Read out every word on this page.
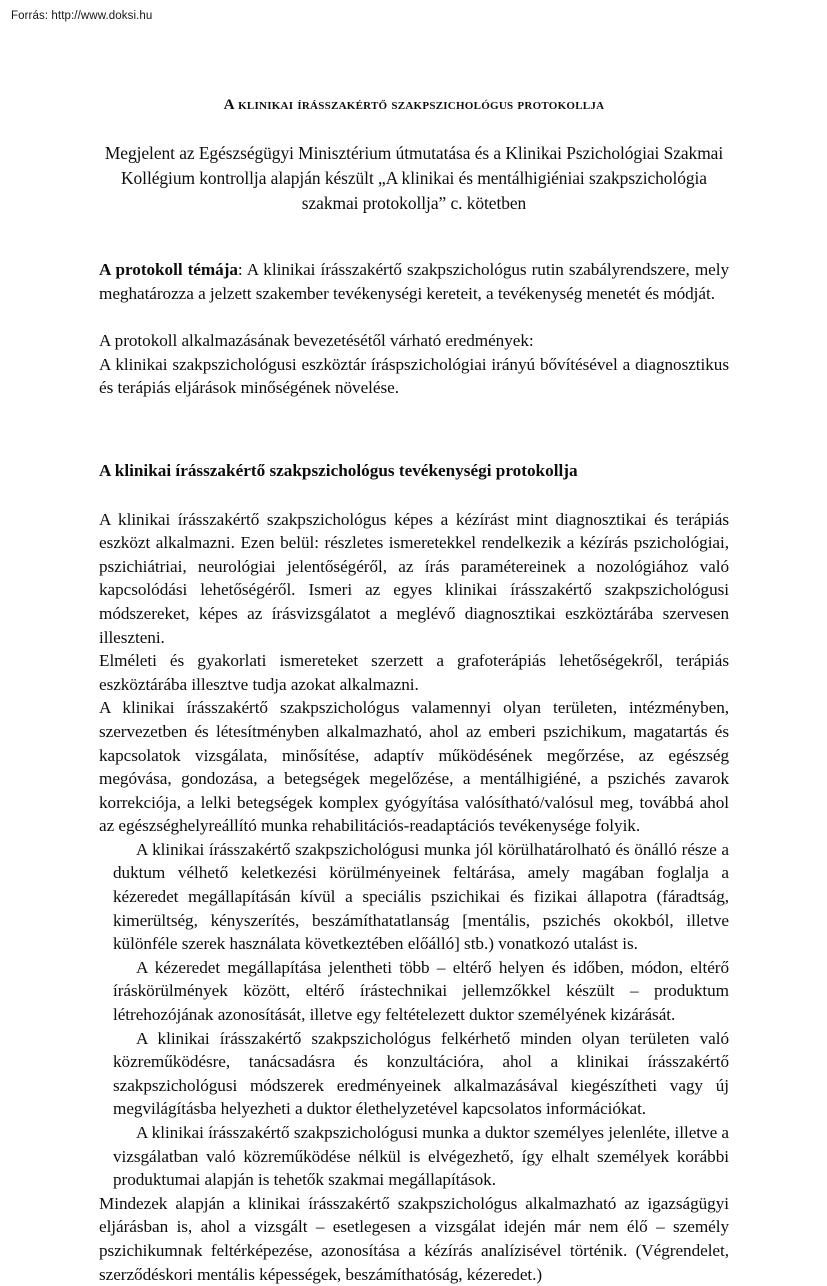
Forrás: http://www.doksi.hu
A klinikai írásszakértő szakpszichológus protokollja

Megjelent az Egészségügyi Minisztérium útmutatása és a Klinikai Pszichológiai Szakmai Kollégium kontrollja alapján készült „A klinikai és mentálhigiéniai szakpszichológia szakmai protokollja” c. kötetben

A protokoll témája: A klinikai írásszakértő szakpszichológus rutin szabályrendszere, mely meghatározza a jelzett szakember tevékenységi kereteit, a tevékenység menetét és módját.

A protokoll alkalmazásának bevezetésétől várható eredmények:

A klinikai szakpszichológusi eszköztár íráspszichológiai irányú bővítésével a diagnosztikus és terápiás eljárások minőségének növelése.

A klinikai írásszakértő szakpszichológus tevékenységi protokollja

A klinikai írásszakértő szakpszichológus képes a kézírást mint diagnosztikai és terápiás eszközt alkalmazni. Ezen belül: részletes ismeretekkel rendelkezik a kézírás pszichológiai, pszichiátriai, neurológiai jelentőségéről, az írás paramétereinek a nozológiához való kapcsolódási lehetőségéről. Ismeri az egyes klinikai írásszakértő szakpszichológusi módszereket, képes az írásvizsgálatot a meglévő diagnosztikai eszköztárába szervesen illeszteni.

Elméleti és gyakorlati ismereteket szerzett a grafoterápiás lehetőségekről, terápiás eszköztárába illesztve tudja azokat alkalmazni.

A klinikai írásszakértő szakpszichológus valamennyi olyan területen, intézményben, szervezetben és létesítményben alkalmazható, ahol az emberi pszichikum, magatartás és kapcsolatok vizsgálata, minősítése, adaptív működésének megőrzése, az egészség megóvása, gondozása, a betegségek megelőzése, a mentálhigiéné, a pszichés zavarok korrekciója, a lelki betegségek komplex gyógyítása valósítható/valósul meg, továbbá ahol az egészséghelyreállító munka rehabilitációs-readaptációs tevékenysége folyik.

A klinikai írásszakértő szakpszichológusi munka jól körülhatárolható és önálló része a duktum vélhető keletkezési körülményeinek feltárása, amely magában foglalja a kézeredet megállapításán kívül a speciális pszichikai és fizikai állapotra (fáradtság, kimerültség, kényszerítés, beszámíthatatlanság [mentális, pszichés okokból, illetve különféle szerek használata következtében előálló] stb.) vonatkozó utalást is.

A kézeredet megállapítása jelentheti több – eltérő helyen és időben, módon, eltérő íráskörülmények között, eltérő írástechnikai jellemzőkkel készült – produktum létrehozójának azonosítását, illetve egy feltételezett duktor személyének kizárását.

A klinikai írásszakértő szakpszichológus felkérhető minden olyan területen való közreműködésre, tanácsadásra és konzultációra, ahol a klinikai írásszakértő szakpszichológusi módszerek eredményeinek alkalmazásával kiegészítheti vagy új megvilágításba helyezheti a duktor élethelyzetével kapcsolatos információkat.

A klinikai írásszakértő szakpszichológusi munka a duktor személyes jelenléte, illetve a vizsgálatban való közreműködése nélkül is elvégezhető, így elhalt személyek korábbi produktumai alapján is tehetők szakmai megállapítások.

Mindezek alapján a klinikai írásszakértő szakpszichológus alkalmazható az igazságügyi eljárásban is, ahol a vizsgált – esetlegesen a vizsgálat idején már nem élő – személy pszichikumnak feltérképezése, azonosítása a kézírás analízisével történik. (Végrendelet, szerződéskori mentális képességek, beszámíthatóság, kézeredet.)
